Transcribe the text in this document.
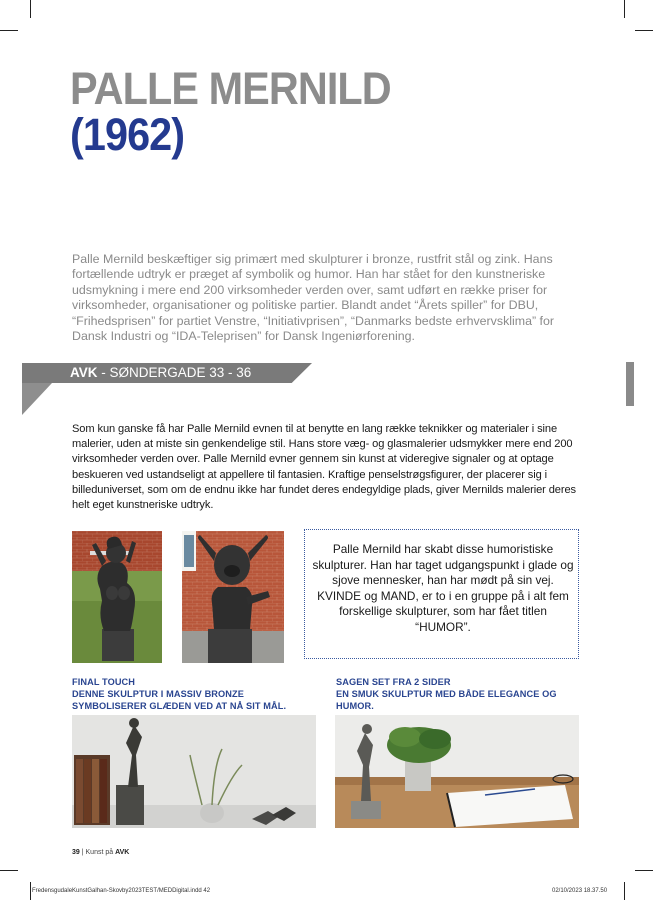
PALLE MERNILD
(1962)

Palle Mernild beskæftiger sig primært med skulpturer i bronze, rustfrit stål og zink. Hans fortællende udtryk er præget af symbolik og humor. Han har stået for den kunstneriske udsmykning i mere end 200 virksomheder verden over, samt udført en række priser for virksomheder, organisationer og politiske partier. Blandt andet “Årets spiller” for DBU, “Frihedsprisen” for partiet Venstre, “Initiativprisen”, “Danmarks bedste erhvervsklima” for Dansk Industri og “IDA-Teleprisen” for Dansk Ingeniørforening.

AVK - SØNDERGADE 33 - 36

Som kun ganske få har Palle Mernild evnen til at benytte en lang række teknikker og materialer i sine malerier, uden at miste sin genkendelige stil. Hans store væg- og glasmalerier udsmykker mere end 200 virksomheder verden over. Palle Mernild evner gennem sin kunst at videregive signaler og at optage beskueren ved ustandseligt at appellere til fantasien. Kraftige penselstrøgsfigurer, der placerer sig i billeduniverset, som om de endnu ikke har fundet deres endegyldige plads, giver Mernilds malerier deres helt eget kunstneriske udtryk.

Palle Mernild har skabt disse humoristiske skulpturer. Han har taget udgangspunkt i glade og sjove mennesker, han har mødt på sin vej. KVINDE og MAND, er to i en gruppe på i alt fem forskellige skulpturer, som har fået titlen “HUMOR”.
FINAL TOUCH
DENNE SKULPTUR I MASSIV BRONZE SYMBOLISERER GLÆDEN VED AT NÅ SIT MÅL.
SAGEN SET FRA 2 SIDER
EN SMUK SKULPTUR MED BÅDE ELEGANCE OG HUMOR.
39 | Kunst på AVK
FredensgudaleKunstGalhan-Skovby2023TEST/MEDDigital.indd 42	02/10/2023 18.37.50
